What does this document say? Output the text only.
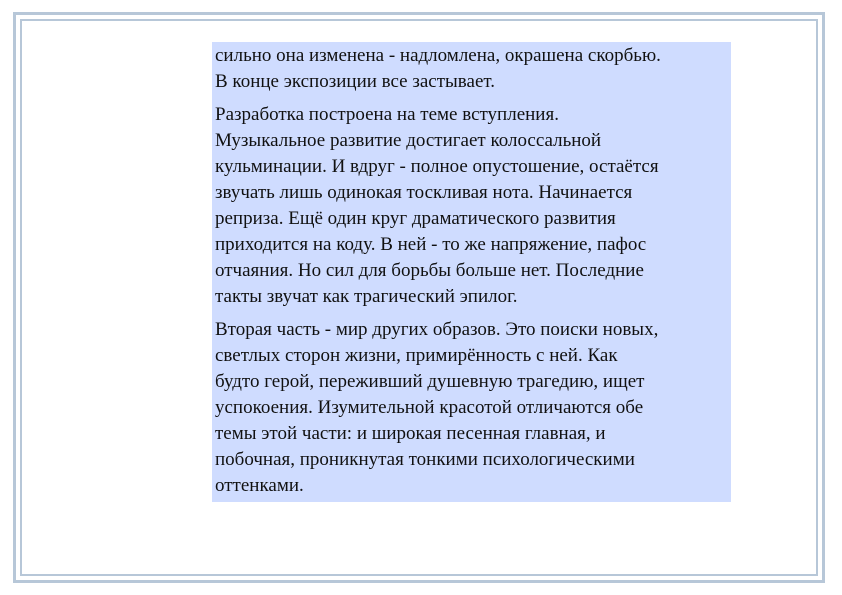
сильно она изменена - надломлена, окрашена скорбью.
В конце экспозиции все застывает.

Разработка построена на теме вступления.
Музыкальное развитие достигает колоссальной
кульминации. И вдруг - полное опустошение, остаётся
звучать лишь одинокая тоскливая нота. Начинается
реприза. Ещё один круг драматического развития
приходится на коду. В ней - то же напряжение, пафос
отчаяния. Но сил для борьбы больше нет. Последние
такты звучат как трагический эпилог.

Вторая часть - мир других образов. Это поиски новых,
светлых сторон жизни, примирённость с ней. Как
будто герой, переживший душевную трагедию, ищет
успокоения. Изумительной красотой отличаются обе
темы этой части: и широкая песенная главная, и
побочная, проникнутая тонкими психологическими
оттенками.
